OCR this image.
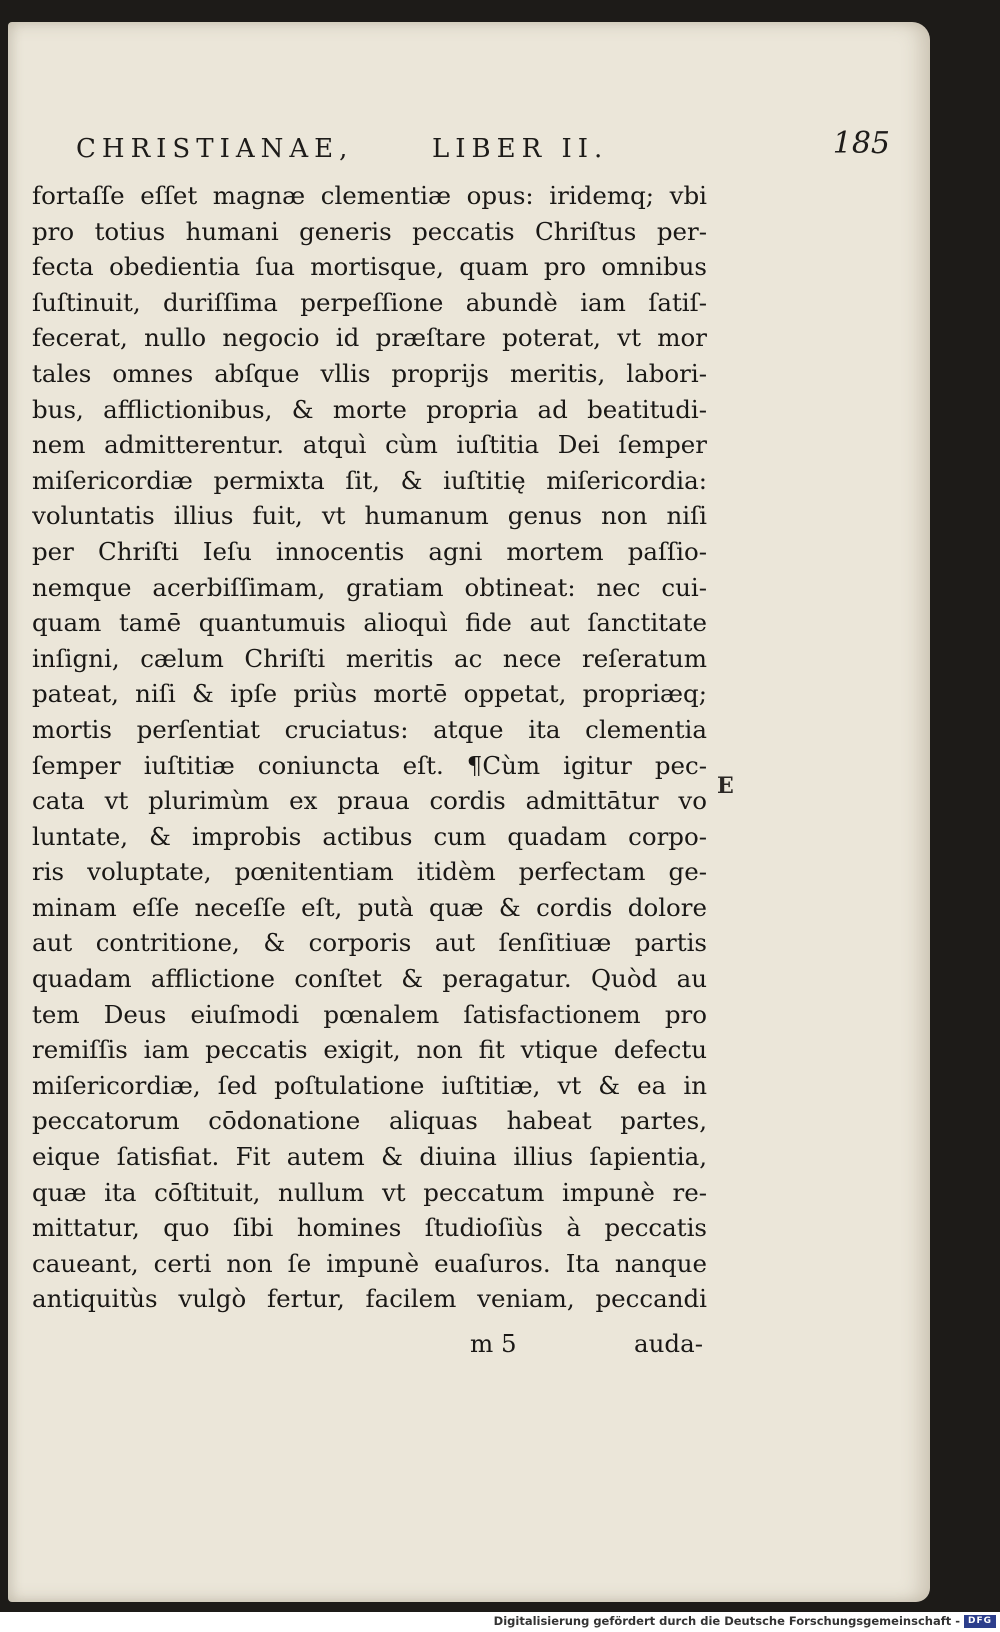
CHRISTIANAE,	LIBER II.	185
fortaſſe eſſet magnæ clementiæ opus: iridemq; vbi
pro totius humani generis peccatis Chriſtus per-
fecta obedientia ſua mortisque, quam pro omnibus
ſuſtinuit, duriſſima perpeſſione abundè iam ſatiſ-
fecerat, nullo negocio id præſtare poterat, vt mor
tales omnes abſque vllis proprijs meritis, labori-
bus, afflictionibus, & morte propria ad beatitudi-
nem admitterentur. atquì cùm iuſtitia Dei ſemper
miſericordiæ permixta ſit, & iuſtitię miſericordia:
voluntatis illius fuit, vt humanum genus non niſi
per Chriſti Ieſu innocentis agni mortem paſſio-
nemque acerbiſſimam, gratiam obtineat: nec cui-
quam tamē quantumuis alioquì fide aut ſanctitate
inſigni, cælum Chriſti meritis ac nece reſeratum
pateat, niſi & ipſe priùs mortē oppetat, propriæq;
mortis perſentiat cruciatus: atque ita clementia
ſemper iuſtitiæ coniuncta eſt. ¶Cùm igitur pec-
cata vt plurimùm ex praua cordis admittātur vo
luntate, & improbis actibus cum quadam corpo-
ris voluptate, pœnitentiam itidèm perfectam ge-
minam eſſe neceſſe eſt, putà quæ & cordis dolore
aut contritione, & corporis aut ſenſitiuæ partis
quadam afflictione conſtet & peragatur. Quòd au
tem Deus eiuſmodi pœnalem ſatisfactionem pro
remiſſis iam peccatis exigit, non fit vtique defectu
miſericordiæ, ſed poſtulatione iuſtitiæ, vt & ea in
peccatorum cōdonatione aliquas habeat partes,
eique ſatisfiat. Fit autem & diuina illius ſapientia,
quæ ita cōſtituit, nullum vt peccatum impunè re-
mittatur, quo ſibi homines ſtudioſiùs à peccatis
caueant, certi non ſe impunè euaſuros. Ita nanque
antiquitùs vulgò fertur, facilem veniam, peccandi
E
m 5	auda-
Digitalisierung gefördert durch die Deutsche Forschungsgemeinschaft - DFG
